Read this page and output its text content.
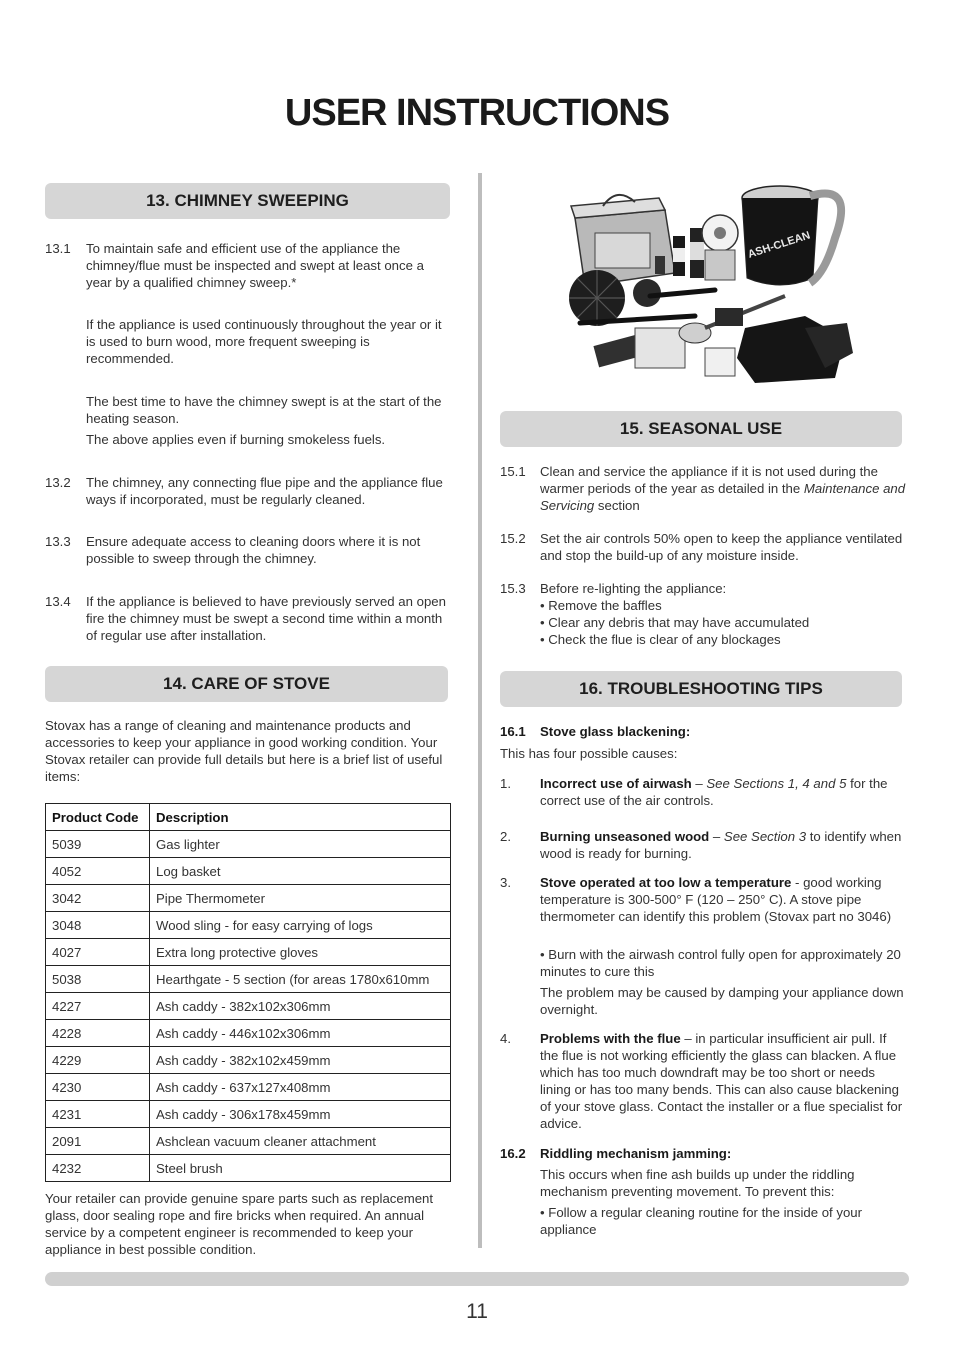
USER INSTRUCTIONS
13. CHIMNEY SWEEPING
13.1 To maintain safe and efficient use of the appliance the chimney/flue must be inspected and swept at least once a year by a qualified chimney sweep.*
If the appliance is used continuously throughout the year or it is used to burn wood, more frequent sweeping is recommended.
The best time to have the chimney swept is at the start of the heating season.
The above applies even if burning smokeless fuels.
13.2 The chimney, any connecting flue pipe and the appliance flue ways if incorporated, must be regularly cleaned.
13.3 Ensure adequate access to cleaning doors where it is not possible to sweep through the chimney.
13.4 If the appliance is believed to have previously served an open fire the chimney must be swept a second time within a month of regular use after installation.
14. CARE OF STOVE
Stovax has a range of cleaning and maintenance products and accessories to keep your appliance in good working condition. Your Stovax retailer can provide full details but here is a brief list of useful items:
Product Code	Description
5039	Gas lighter
4052	Log basket
3042	Pipe Thermometer
3048	Wood sling - for easy carrying of logs
4027	Extra long protective gloves
5038	Hearthgate - 5 section (for areas 1780x610mm
4227	Ash caddy - 382x102x306mm
4228	Ash caddy - 446x102x306mm
4229	Ash caddy - 382x102x459mm
4230	Ash caddy - 637x127x408mm
4231	Ash caddy - 306x178x459mm
2091	Ashclean vacuum cleaner attachment
4232	Steel brush
Your retailer can provide genuine spare parts such as replacement glass, door sealing rope and fire bricks when required. An annual service by a competent engineer is recommended to keep your appliance in best possible condition.
ASH-CLEAN
15. SEASONAL USE
15.1 Clean and service the appliance if it is not used during the warmer periods of the year as detailed in the Maintenance and Servicing section
15.2 Set the air controls 50% open to keep the appliance ventilated and stop the build-up of any moisture inside.
15.3 Before re-lighting the appliance:
• Remove the baffles
• Clear any debris that may have accumulated
• Check the flue is clear of any blockages
16. TROUBLESHOOTING TIPS
16.1 Stove glass blackening:
This has four possible causes:
1. Incorrect use of airwash – See Sections 1, 4 and 5 for the correct use of the air controls.
2. Burning unseasoned wood – See Section 3 to identify when wood is ready for burning.
3. Stove operated at too low a temperature - good working temperature is 300-500° F (120 – 250° C). A stove pipe thermometer can identify this problem (Stovax part no 3046)
• Burn with the airwash control fully open for approximately 20 minutes to cure this
The problem may be caused by damping your appliance down overnight.
4. Problems with the flue – in particular insufficient air pull. If the flue is not working efficiently the glass can blacken. A flue which has too much downdraft may be too short or needs lining or has too many bends. This can also cause blackening of your stove glass. Contact the installer or a flue specialist for advice.
16.2 Riddling mechanism jamming:
This occurs when fine ash builds up under the riddling mechanism preventing movement. To prevent this:
• Follow a regular cleaning routine for the inside of your appliance
11
